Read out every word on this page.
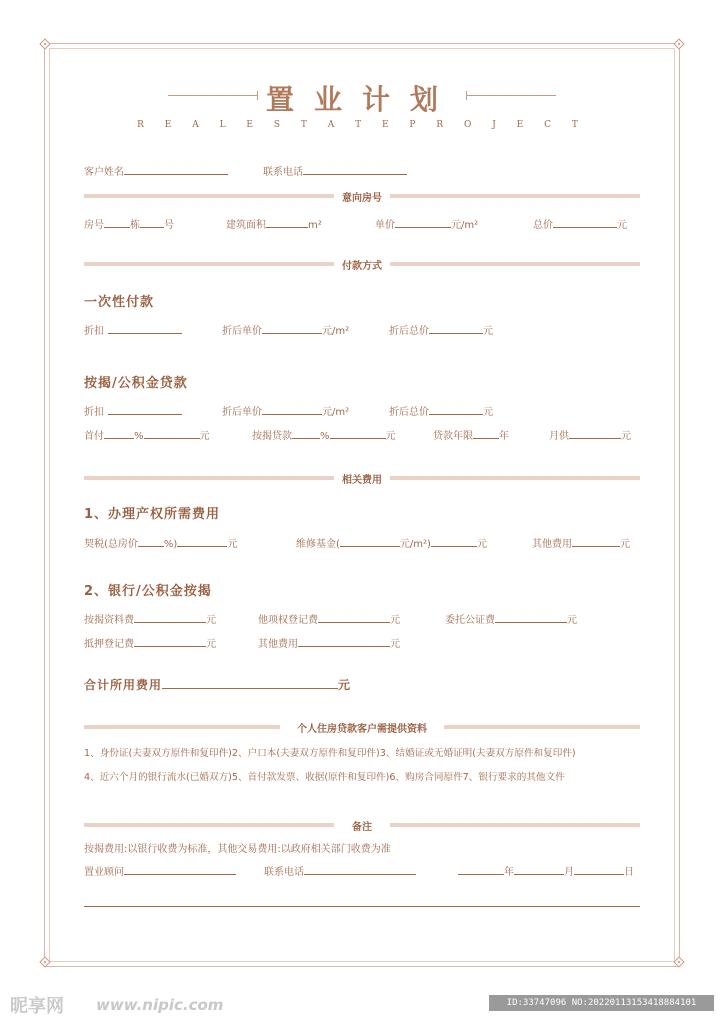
置业计划
R E A L E S T A T E P R O J E C T
客户姓名	联系电话
意向房号
房号	栋 号	建筑面积	m²	单价	元/m²	总价	元
付款方式
一次性付款
折扣	折后单价	元/m²	折后总价	元
按揭/公积金贷款
折扣	折后单价	元/m²	折后总价	元
首付	%	元	按揭贷款	%	元	贷款年限	年	月供	元
相关费用
1、办理产权所需费用
契税(总房价	%)	元	维修基金(	元/m²)	元	其他费用	元
2、银行/公积金按揭
按揭资料费	元	他项权登记费	元	委托公证费	元
抵押登记费	元	其他费用	元
合计所用费用	元
个人住房贷款客户需提供资料
1、身份证(夫妻双方原件和复印件)2、户口本(夫妻双方原件和复印件)3、结婚证或无婚证明(夫妻双方原件和复印件)
4、近六个月的银行流水(已婚双方)5、首付款发票、收据(原件和复印件)6、购房合同原件7、银行要求的其他文件
备注
按揭费用:以银行收费为标准，其他交易费用:以政府相关部门收费为准
置业顾问	联系电话	年	月	日
昵享网 www.nipic.com	ID:33747096 NO:20220113153418884101
